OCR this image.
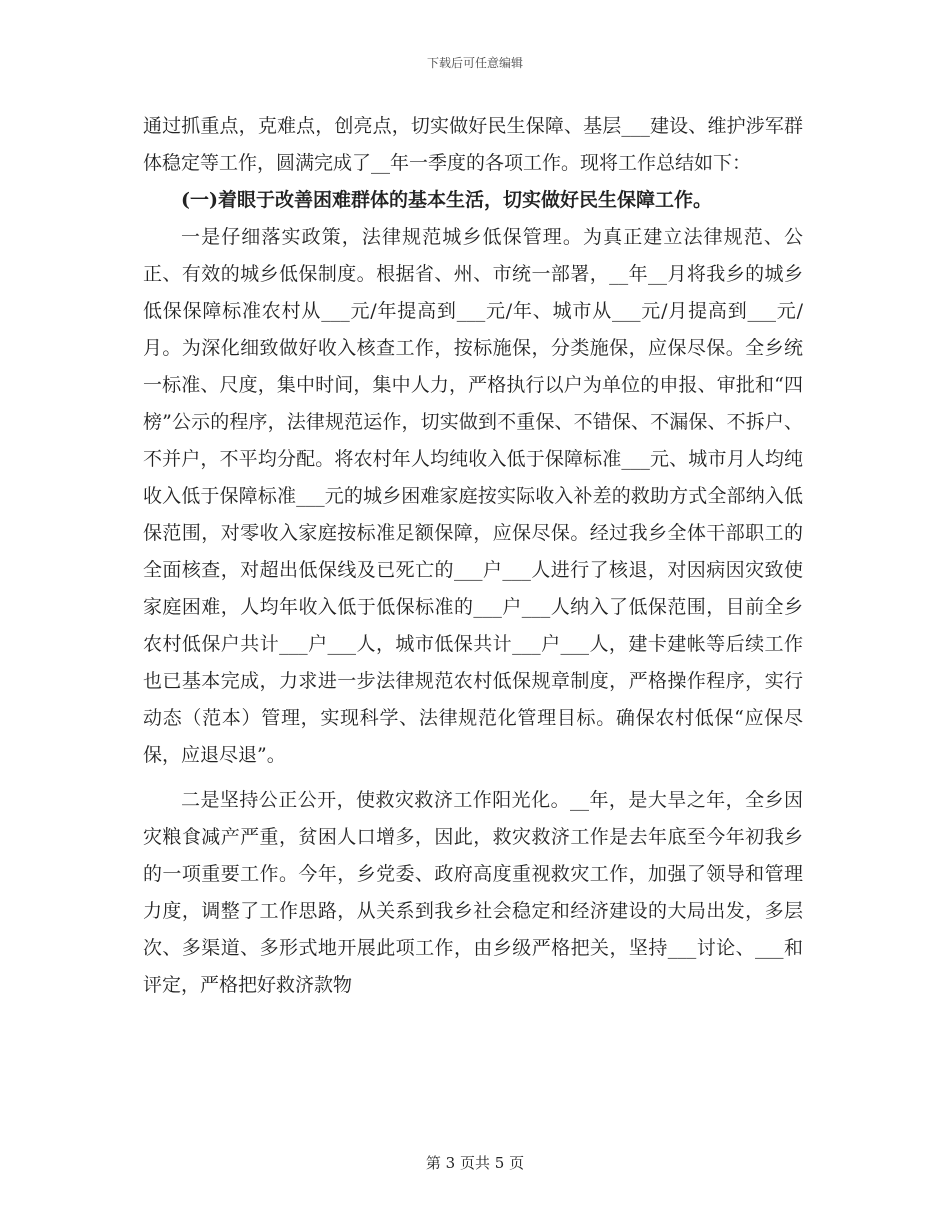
下载后可任意编辑

通过抓重点，克难点，创亮点，切实做好民生保障、基层___建设、维护涉军群体稳定等工作，圆满完成了__年一季度的各项工作。现将工作总结如下：

(一)着眼于改善困难群体的基本生活，切实做好民生保障工作。

一是仔细落实政策，法律规范城乡低保管理。为真正建立法律规范、公正、有效的城乡低保制度。根据省、州、市统一部署，__年__月将我乡的城乡低保保障标准农村从___元/年提高到___元/年、城市从___元/月提高到___元/月。为深化细致做好收入核查工作，按标施保，分类施保，应保尽保。全乡统一标准、尺度，集中时间，集中人力，严格执行以户为单位的申报、审批和“四榜”公示的程序，法律规范运作，切实做到不重保、不错保、不漏保、不拆户、不并户，不平均分配。将农村年人均纯收入低于保障标准___元、城市月人均纯收入低于保障标准___元的城乡困难家庭按实际收入补差的救助方式全部纳入低保范围，对零收入家庭按标准足额保障，应保尽保。经过我乡全体干部职工的全面核查，对超出低保线及已死亡的___户___人进行了核退，对因病因灾致使家庭困难，人均年收入低于低保标准的___户___人纳入了低保范围，目前全乡农村低保户共计___户___人，城市低保共计___户___人，建卡建帐等后续工作也已基本完成，力求进一步法律规范农村低保规章制度，严格操作程序，实行动态（范本）管理，实现科学、法律规范化管理目标。确保农村低保“应保尽保，应退尽退”。

二是坚持公正公开，使救灾救济工作阳光化。__年，是大旱之年，全乡因灾粮食减产严重，贫困人口增多，因此，救灾救济工作是去年底至今年初我乡的一项重要工作。今年，乡党委、政府高度重视救灾工作，加强了领导和管理力度，调整了工作思路，从关系到我乡社会稳定和经济建设的大局出发，多层次、多渠道、多形式地开展此项工作，由乡级严格把关，坚持___讨论、___和评定，严格把好救济款物

第 3 页共 5 页
